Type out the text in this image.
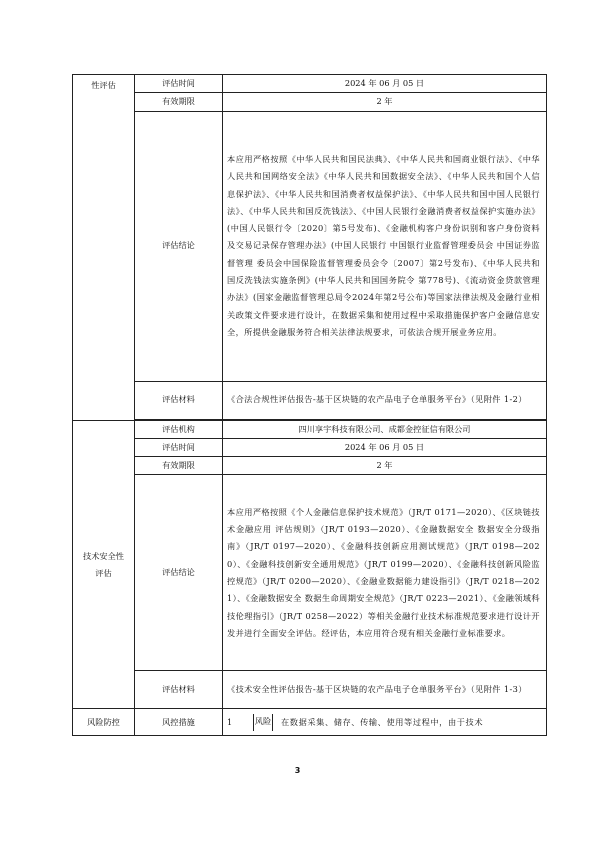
性评估	评估时间	2024 年 06 月 05 日
	有效期限	2 年
	评估结论	本应用严格按照《中华人民共和国民法典》、《中华人民共和国商业银行法》、《中华人民共和国网络安全法》《中华人民共和国数据安全法》、《中华人民共和国个人信息保护法》、《中华人民共和国消费者权益保护法》、《中华人民共和国中国人民银行法》、《中华人民共和国反洗钱法》、《中国人民银行金融消费者权益保护实施办法》(中国人民银行令〔2020〕第5号发布)、《金融机构客户身份识别和客户身份资料及交易记录保存管理办法》(中国人民银行 中国银行业监督管理委员会 中国证券监督管理 委员会中国保险监督管理委员会令〔2007〕第2号发布)、《中华人民共和国反洗钱法实施条例》(中华人民共和国国务院令 第778号)、《流动资金贷款管理办法》(国家金融监督管理总局令2024年第2号公布)等国家法律法规及金融行业相关政策文件要求进行设计，在数据采集和使用过程中采取措施保护客户金融信息安全，所提供金融服务符合相关法律法规要求，可依法合规开展业务应用。

	评估材料	《合法合规性评估报告-基于区块链的农产品电子仓单服务平台》（见附件 1-2）

技术安全性评估	评估机构	四川享宇科技有限公司、成都金控征信有限公司
	评估时间	2024 年 06 月 05 日
	有效期限	2 年
	评估结论	本应用严格按照《个人金融信息保护技术规范》（JR/T 0171—2020）、《区块链技术金融应用 评估规则》（JR/T 0193—2020）、《金融数据安全 数据安全分级指南》（JR/T 0197—2020）、《金融科技创新应用测试规范》（JR/T 0198—2020）、《金融科技创新安全通用规范》（JR/T 0199—2020）、《金融科技创新风险监控规范》（JR/T 0200—2020）、《金融业数据能力建设指引》（JR/T 0218—2021）、《金融数据安全 数据生命周期安全规范》（JR/T 0223—2021）、《金融领域科技伦理指引》（JR/T 0258—2022）等相关金融行业技术标准规范要求进行设计开发并进行全面安全评估。经评估，本应用符合现有相关金融行业标准要求。

	评估材料	《技术安全性评估报告-基于区块链的农产品电子仓单服务平台》（见附件 1-3）

风险防控	风控措施	1 风险 在数据采集、储存、传输、使用等过程中，由于技术
3
